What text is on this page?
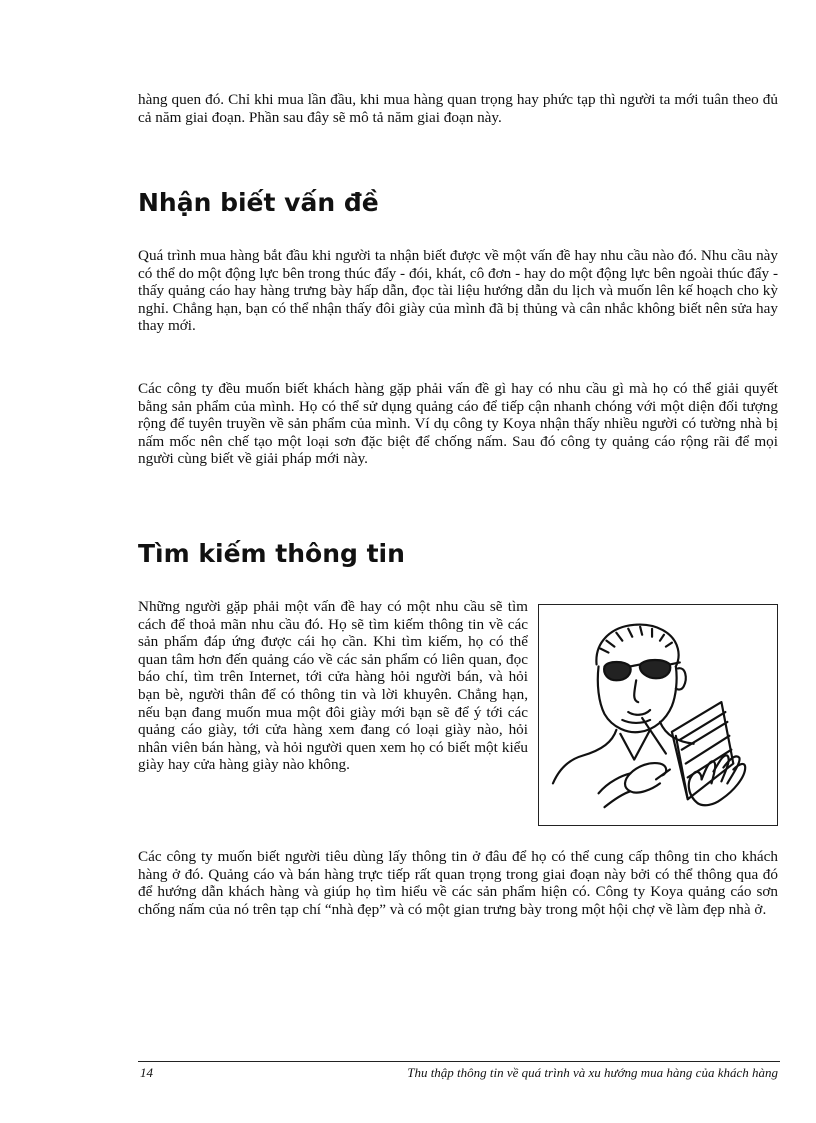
hàng quen đó. Chỉ khi mua lần đầu, khi mua hàng quan trọng hay phức tạp thì người ta mới tuân theo đủ cả năm giai đoạn. Phần sau đây sẽ mô tả năm giai đoạn này.

Nhận biết vấn đề

Quá trình mua hàng bắt đầu khi người ta nhận biết được về một vấn đề hay nhu cầu nào đó. Nhu cầu này có thể do một động lực bên trong thúc đẩy - đói, khát, cô đơn - hay do một động lực bên ngoài thúc đẩy - thấy quảng cáo hay hàng trưng bày hấp dẫn, đọc tài liệu hướng dẫn du lịch và muốn lên kế hoạch cho kỳ nghỉ. Chẳng hạn, bạn có thể nhận thấy đôi giày của mình đã bị thủng và cân nhắc không biết nên sửa hay thay mới.

Các công ty đều muốn biết khách hàng gặp phải vấn đề gì hay có nhu cầu gì mà họ có thể giải quyết bằng sản phẩm của mình. Họ có thể sử dụng quảng cáo để tiếp cận nhanh chóng với một diện đối tượng rộng để tuyên truyền về sản phẩm của mình. Ví dụ công ty Koya nhận thấy nhiều người có tường nhà bị nấm mốc nên chế tạo một loại sơn đặc biệt để chống nấm. Sau đó công ty quảng cáo rộng rãi để mọi người cùng biết về giải pháp mới này.

Tìm kiếm thông tin

Những người gặp phải một vấn đề hay có một nhu cầu sẽ tìm cách để thoả mãn nhu cầu đó. Họ sẽ tìm kiếm thông tin về các sản phẩm đáp ứng được cái họ cần. Khi tìm kiếm, họ có thể quan tâm hơn đến quảng cáo về các sản phẩm có liên quan, đọc báo chí, tìm trên Internet, tới cửa hàng hỏi người bán, và hỏi bạn bè, người thân để có thông tin và lời khuyên. Chẳng hạn, nếu bạn đang muốn mua một đôi giày mới bạn sẽ để ý tới các quảng cáo giày, tới cửa hàng xem đang có loại giày nào, hỏi nhân viên bán hàng, và hỏi người quen xem họ có biết một kiểu giày hay cửa hàng giày nào không.

Các công ty muốn biết người tiêu dùng lấy thông tin ở đâu để họ có thể cung cấp thông tin cho khách hàng ở đó. Quảng cáo và bán hàng trực tiếp rất quan trọng trong giai đoạn này bởi có thể thông qua đó để hướng dẫn khách hàng và giúp họ tìm hiểu về các sản phẩm hiện có. Công ty Koya quảng cáo sơn chống nấm của nó trên tạp chí “nhà đẹp” và có một gian trưng bày trong một hội chợ về làm đẹp nhà ở.

14	Thu thập thông tin về quá trình và xu hướng mua hàng của khách hàng
